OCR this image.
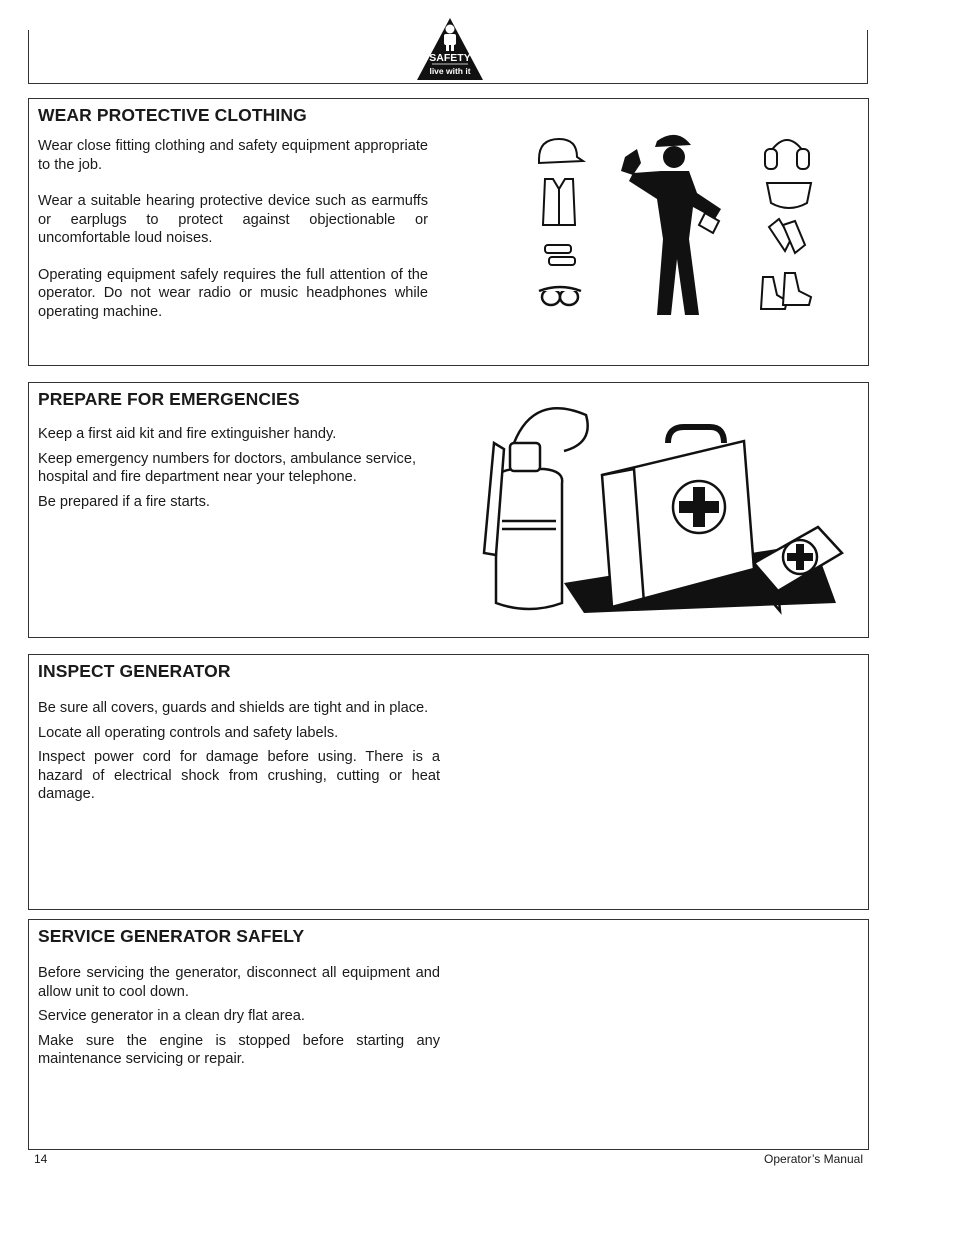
SAFETY
live with it
WEAR PROTECTIVE CLOTHING

Wear close fitting clothing and safety equipment appropriate to the job.

Wear a suitable hearing protective device such as earmuffs or earplugs to protect against objectionable or uncomfortable loud noises.

Operating equipment safely requires the full attention of the operator. Do not wear radio or music headphones while operating machine.

PREPARE FOR EMERGENCIES

Keep a first aid kit and fire extinguisher handy.

Keep emergency numbers for doctors, ambulance service, hospital and fire department near your telephone.

Be prepared if a fire starts.

INSPECT GENERATOR

Be sure all covers, guards and shields are tight and in place.

Locate all operating controls and safety labels.

Inspect power cord for damage before using. There is a hazard of electrical shock from crushing, cutting or heat damage.

SERVICE GENERATOR SAFELY

Before servicing the generator, disconnect all equipment and allow unit to cool down.

Service generator in a clean dry flat area.

Make sure the engine is stopped before starting any maintenance servicing or repair.

14	Operator’s Manual
